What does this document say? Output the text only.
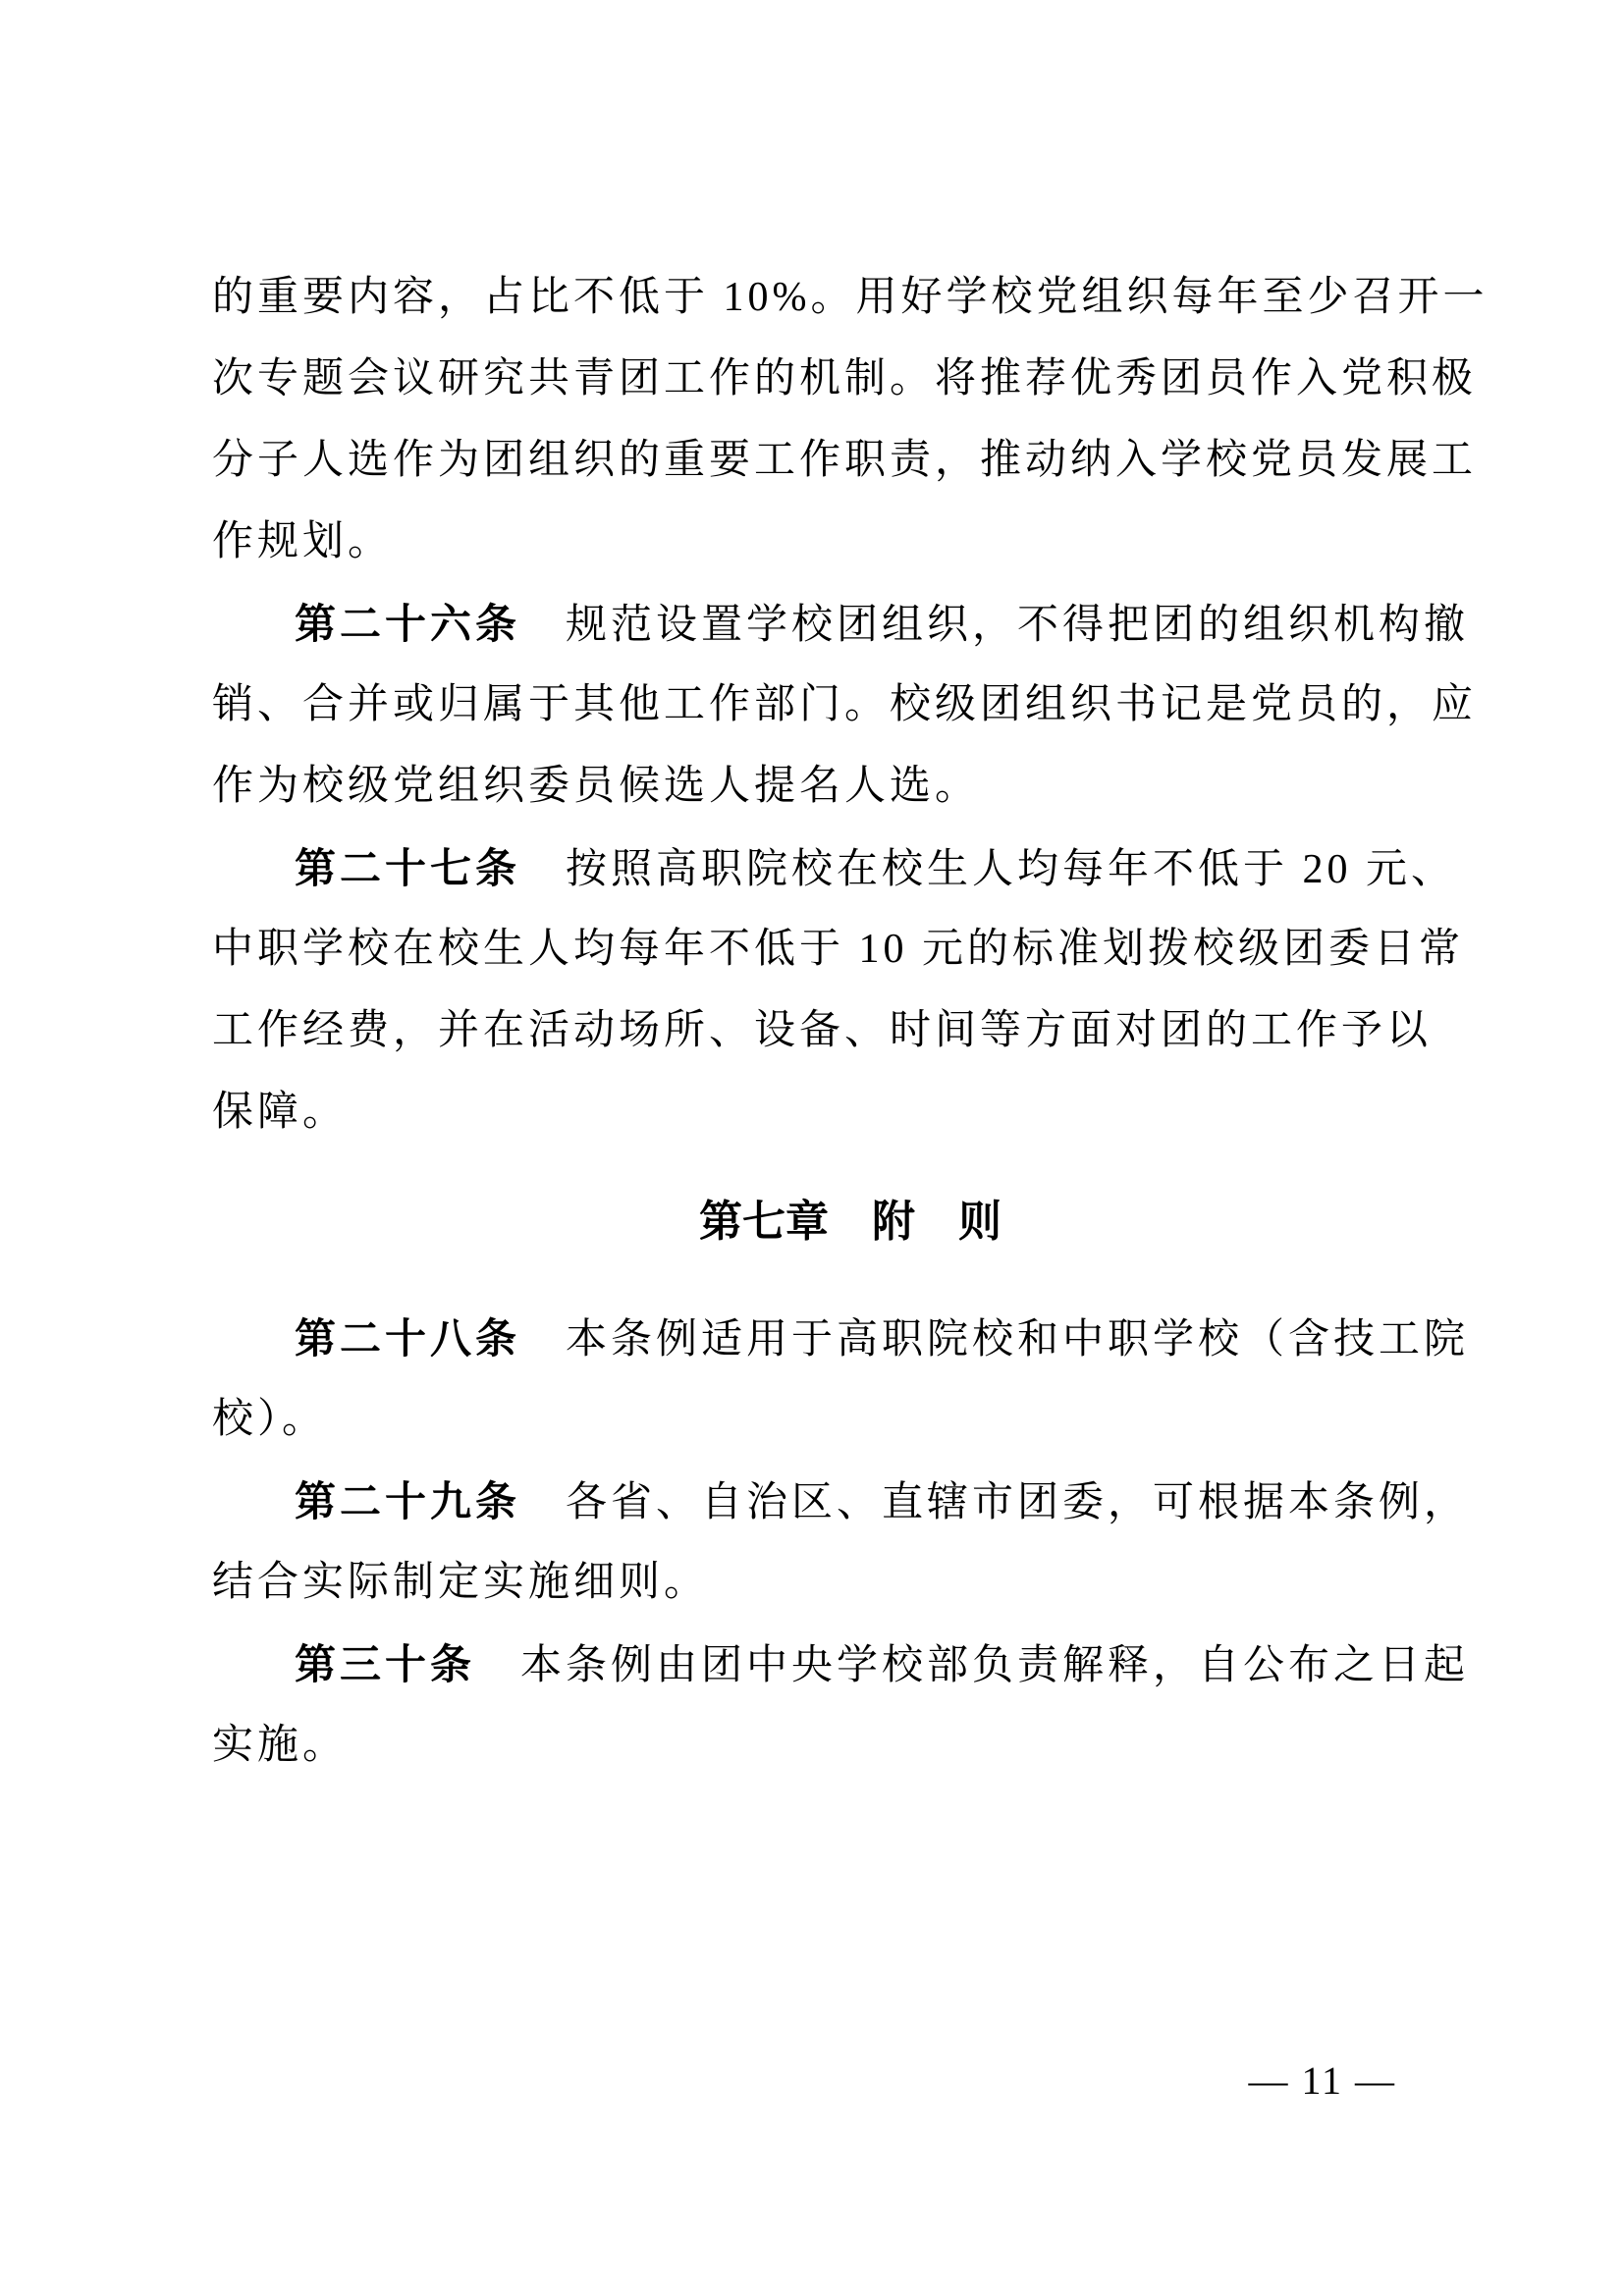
的重要内容，占比不低于 10%。用好学校党组织每年至少召开一
次专题会议研究共青团工作的机制。将推荐优秀团员作入党积极
分子人选作为团组织的重要工作职责，推动纳入学校党员发展工
作规划。
第二十六条 规范设置学校团组织，不得把团的组织机构撤
销、合并或归属于其他工作部门。校级团组织书记是党员的，应
作为校级党组织委员候选人提名人选。
第二十七条 按照高职院校在校生人均每年不低于 20 元、
中职学校在校生人均每年不低于 10 元的标准划拨校级团委日常
工作经费，并在活动场所、设备、时间等方面对团的工作予以
保障。
第七章　附　则
第二十八条 本条例适用于高职院校和中职学校（含技工院
校）。
第二十九条 各省、自治区、直辖市团委，可根据本条例，
结合实际制定实施细则。
第三十条 本条例由团中央学校部负责解释，自公布之日起
实施。
— 11 —
